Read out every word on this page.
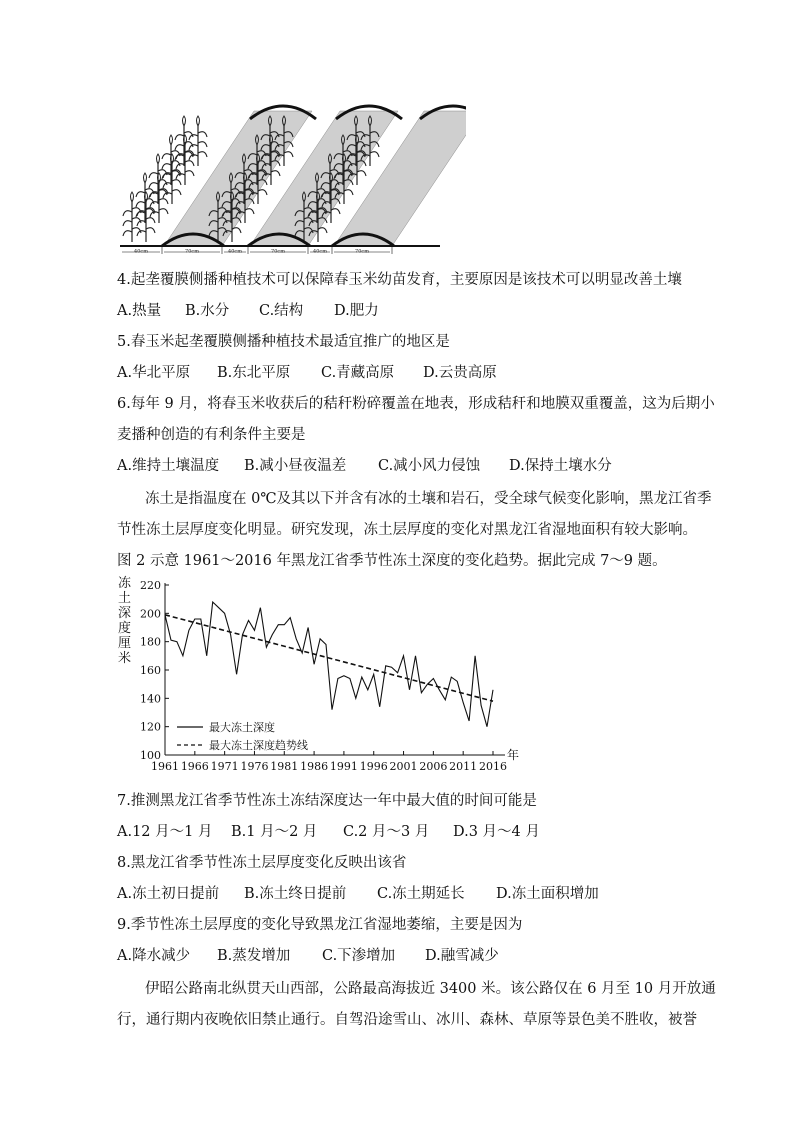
40cm	70cm	40cm	70cm	40cm	70cm
4.起垄覆膜侧播种植技术可以保障春玉米幼苗发育，主要原因是该技术可以明显改善土壤
A.热量 B.水分 C.结构 D.肥力
5.春玉米起垄覆膜侧播种植技术最适宜推广的地区是
A.华北平原 B.东北平原 C.青藏高原 D.云贵高原
6.每年 9 月，将春玉米收获后的秸秆粉碎覆盖在地表，形成秸秆和地膜双重覆盖，这为后期小
麦播种创造的有利条件主要是
A.维持土壤温度 B.减小昼夜温差 C.减小风力侵蚀 D.保持土壤水分
冻土是指温度在 0℃及其以下并含有冰的土壤和岩石，受全球气候变化影响，黑龙江省季
节性冻土层厚度变化明显。研究发现，冻土层厚度的变化对黑龙江省湿地面积有较大影响。
图 2 示意 1961～2016 年黑龙江省季节性冻土深度的变化趋势。据此完成 7～9 题。
冻土深度厘米
100
120
140
160
180
200
220
1961 1966 1971 1976 1981 1986 1991 1996 2001 2006 2011 2016
年
最大冻土深度
最大冻土深度趋势线
7.推测黑龙江省季节性冻土冻结深度达一年中最大值的时间可能是
A.12 月～1 月 B.1 月～2 月 C.2 月～3 月 D.3 月～4 月
8.黑龙江省季节性冻土层厚度变化反映出该省
A.冻土初日提前 B.冻土终日提前 C.冻土期延长 D.冻土面积增加
9.季节性冻土层厚度的变化导致黑龙江省湿地萎缩，主要是因为
A.降水减少 B.蒸发增加 C.下渗增加 D.融雪减少
伊昭公路南北纵贯天山西部，公路最高海拔近 3400 米。该公路仅在 6 月至 10 月开放通
行，通行期内夜晚依旧禁止通行。自驾沿途雪山、冰川、森林、草原等景色美不胜收，被誉
